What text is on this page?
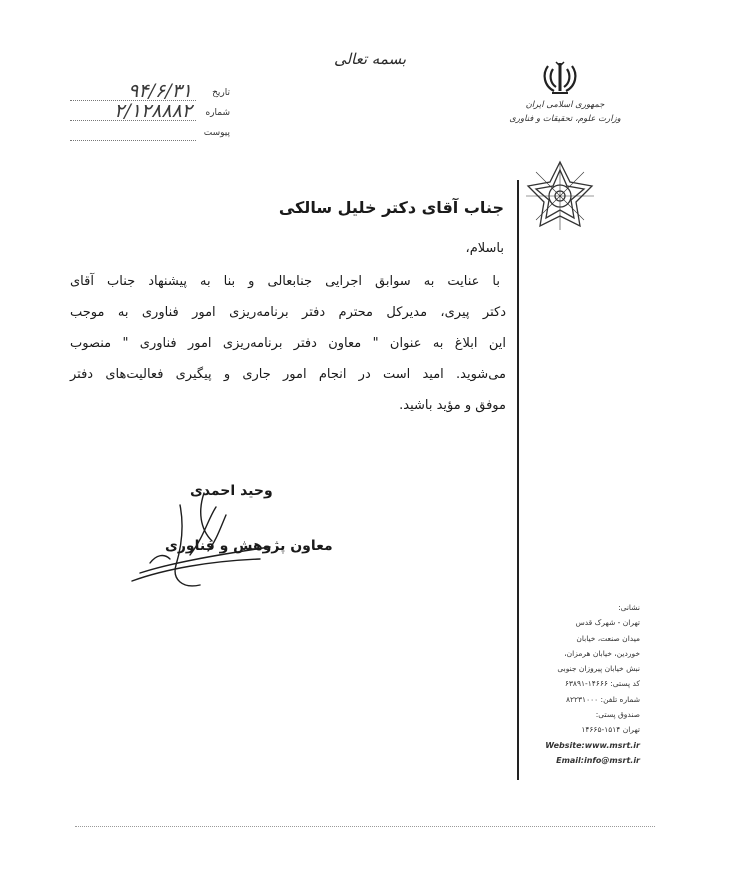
بسمه تعالی
تاریخ
۹۴/۶/۳۱
شماره
۲/۱۲۸۸۸۲
پیوست
جمهوری اسلامی ایران
وزارت علوم، تحقیقات و فناوری
جناب آقای دکتر خلیل سالکی
باسلام،
با عنایت به سوابق اجرایی جنابعالی و بنا به پیشنهاد جناب آقای
دکتر پیری، مدیرکل محترم دفتر برنامه‌ریزی امور فناوری به موجب
این ابلاغ به عنوان " معاون دفتر برنامه‌ریزی امور فناوری " منصوب
می‌شوید. امید است در انجام امور جاری و پیگیری فعالیت‌های دفتر
موفق و مؤید باشید.
وحید احمدی
معاون پژوهش و فناوری
نشانی:
تهران - شهرک قدس
میدان صنعت، خیابان
خوردین، خیابان هرمزان،
نبش خیابان پیروزان جنوبی
کد پستی: ۱۴۶۶۶-۶۳۸۹۱
شماره تلفن: ۸۲۲۳۱۰۰۰
صندوق پستی:
تهران ۱۵۱۴-۱۴۶۶۵
Website:www.msrt.ir
Email:info@msrt.ir
